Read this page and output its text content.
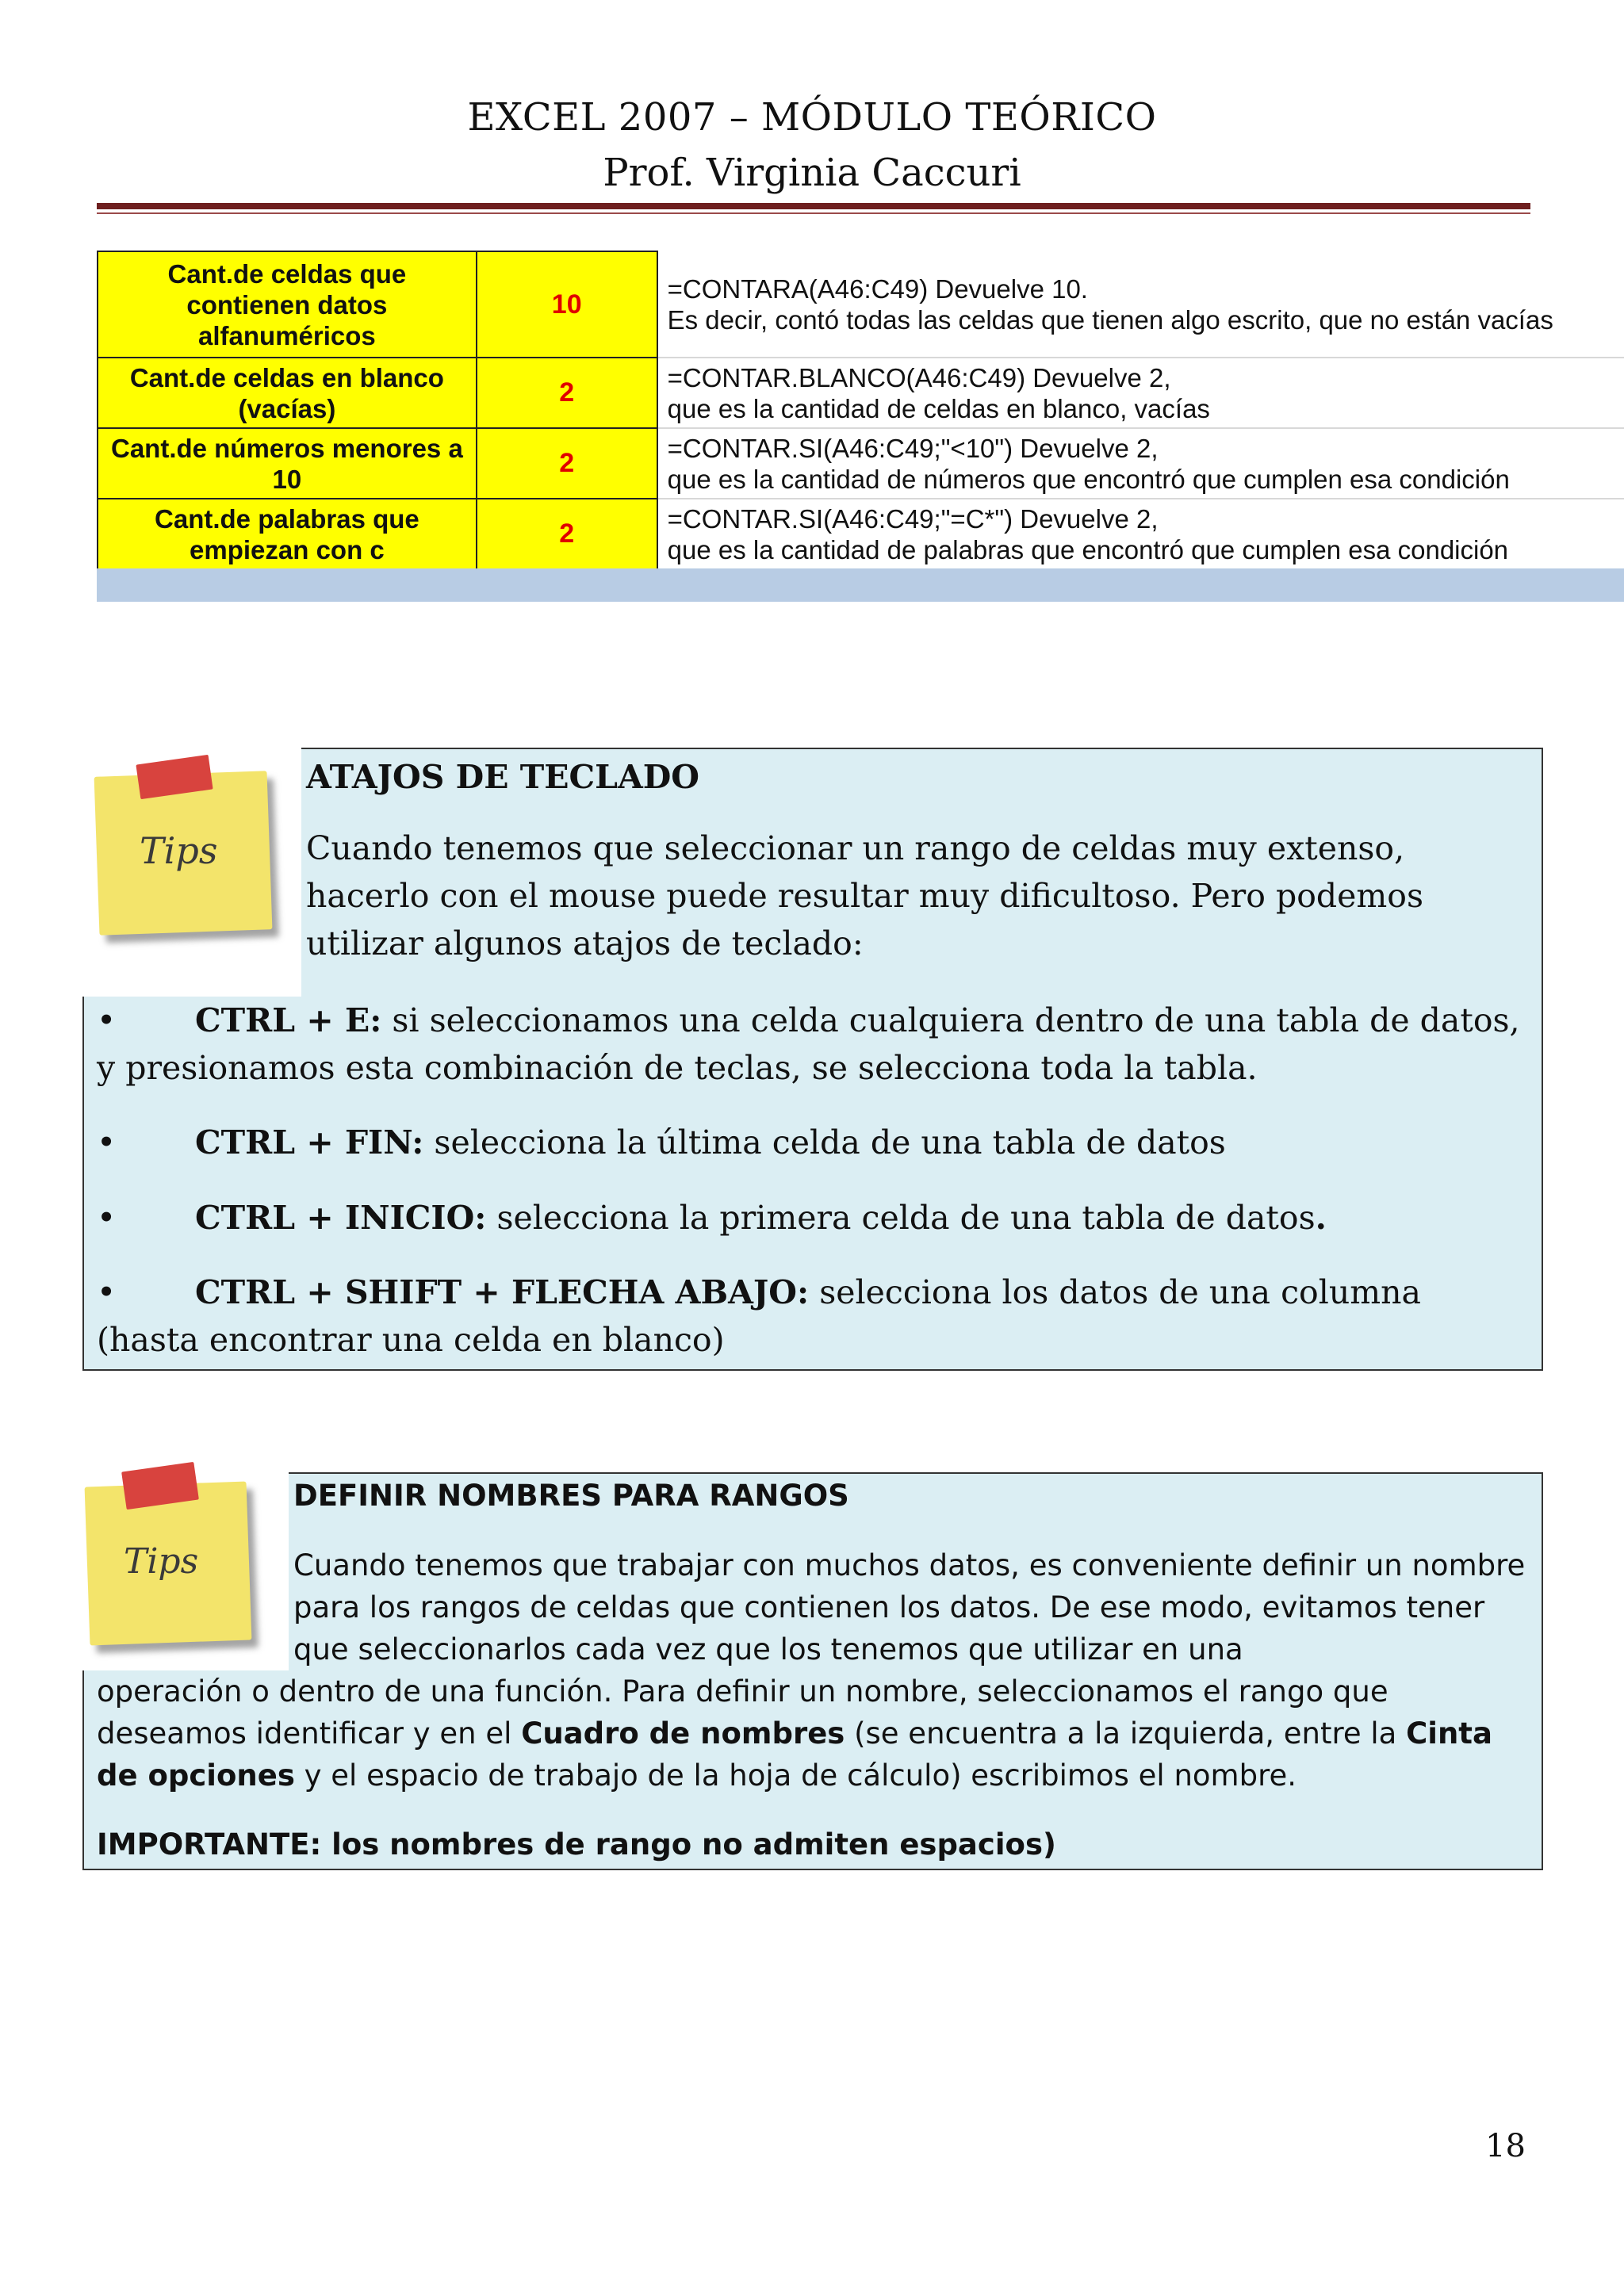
EXCEL 2007 – MÓDULO TEÓRICO
Prof. Virginia Caccuri
Cant.de celdas que contienen datos alfanuméricos	10	=CONTARA(A46:C49) Devuelve 10.
Es decir, contó todas las celdas que tienen algo escrito, que no están vacías

Cant.de celdas en blanco (vacías)	2	=CONTAR.BLANCO(A46:C49) Devuelve 2,
que es la cantidad de celdas en blanco, vacías

Cant.de números menores a 10	2	=CONTAR.SI(A46:C49;"<10") Devuelve 2,
que es la cantidad de números que encontró que cumplen esa condición

Cant.de palabras que empiezan con c	2	=CONTAR.SI(A46:C49;"=C*") Devuelve 2,
que es la cantidad de palabras que encontró que cumplen esa condición
Tips
ATAJOS DE TECLADO
Cuando tenemos que seleccionar un rango de celdas muy extenso, hacerlo con el mouse puede resultar muy dificultoso. Pero podemos utilizar algunos atajos de teclado:
• CTRL + E: si seleccionamos una celda cualquiera dentro de una tabla de datos, y presionamos esta combinación de teclas, se selecciona toda la tabla.
• CTRL + FIN: selecciona la última celda de una tabla de datos
• CTRL + INICIO: selecciona la primera celda de una tabla de datos.
• CTRL + SHIFT + FLECHA ABAJO: selecciona los datos de una columna (hasta encontrar una celda en blanco)
Tips
DEFINIR NOMBRES PARA RANGOS
Cuando tenemos que trabajar con muchos datos, es conveniente definir un nombre para los rangos de celdas que contienen los datos. De ese modo, evitamos tener que seleccionarlos cada vez que los tenemos que utilizar en una
operación o dentro de una función. Para definir un nombre, seleccionamos el rango que deseamos identificar y en el Cuadro de nombres (se encuentra a la izquierda, entre la Cinta de opciones y el espacio de trabajo de la hoja de cálculo) escribimos el nombre.
IMPORTANTE: los nombres de rango no admiten espacios)
18
